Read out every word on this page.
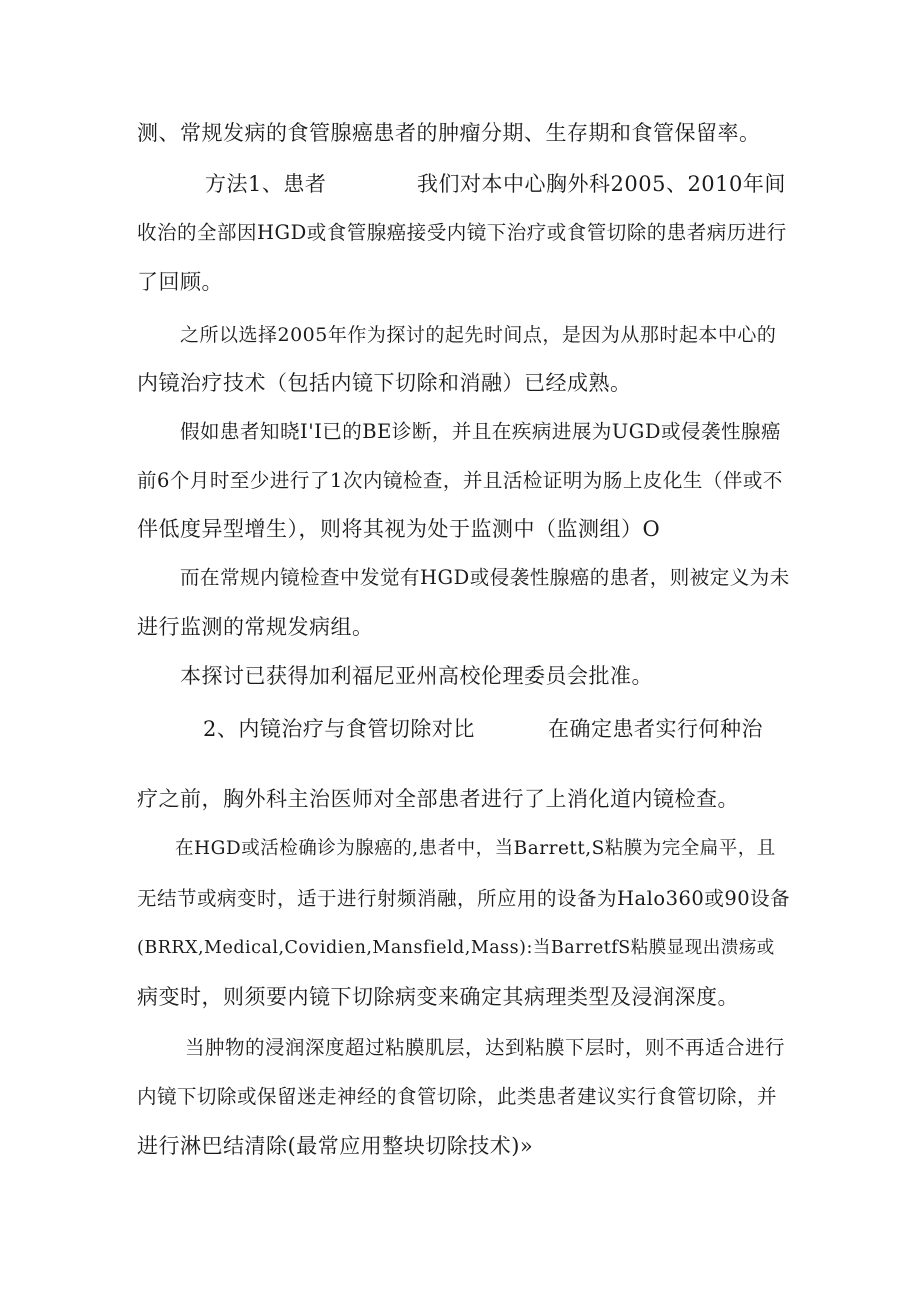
测、常规发病的食管腺癌患者的肿瘤分期、生存期和食管保留率。
方法1、患者	我们对本中心胸外科2005、2010年间
收治的全部因HGD或食管腺癌接受内镜下治疗或食管切除的患者病历进行
了回顾。
之所以选择2005年作为探讨的起先时间点，是因为从那时起本中心的
内镜治疗技术（包括内镜下切除和消融）已经成熟。
假如患者知晓I'I已的BE诊断，并且在疾病进展为UGD或侵袭性腺癌
前6个月时至少进行了1次内镜检查，并且活检证明为肠上皮化生（伴或不
伴低度异型增生），则将其视为处于监测中（监测组）O
而在常规内镜检查中发觉有HGD或侵袭性腺癌的患者，则被定义为未
进行监测的常规发病组。
本探讨已获得加利福尼亚州高校伦理委员会批准。
2、内镜治疗与食管切除对比	在确定患者实行何种治
疗之前，胸外科主治医师对全部患者进行了上消化道内镜检查。
在HGD或活检确诊为腺癌的,患者中，当Barrett,S粘膜为完全扁平，且
无结节或病变时，适于进行射频消融，所应用的设备为Halo360或90设备
(BRRX,Medical,Covidien,Mansfield,Mass):当BarretfS粘膜显现出溃疡或
病变时，则须要内镜下切除病变来确定其病理类型及浸润深度。
当肿物的浸润深度超过粘膜肌层，达到粘膜下层时，则不再适合进行
内镜下切除或保留迷走神经的食管切除，此类患者建议实行食管切除，并
进行淋巴结清除(最常应用整块切除技术)»
